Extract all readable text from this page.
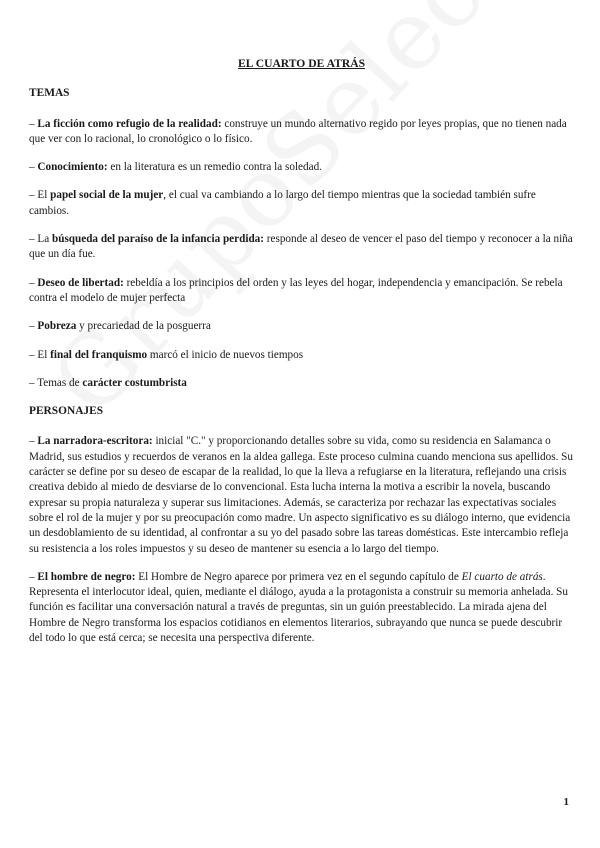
EL CUARTO DE ATRÁS
TEMAS

– La ficción como refugio de la realidad: construye un mundo alternativo regido por leyes propias, que no tienen nada que ver con lo racional, lo cronológico o lo físico.

– Conocimiento: en la literatura es un remedio contra la soledad.

– El papel social de la mujer, el cual va cambiando a lo largo del tiempo mientras que la sociedad también sufre cambios.

– La búsqueda del paraíso de la infancia perdida: responde al deseo de vencer el paso del tiempo y reconocer a la niña que un día fue.

– Deseo de libertad: rebeldía a los principios del orden y las leyes del hogar, independencia y emancipación. Se rebela contra el modelo de mujer perfecta

– Pobreza y precariedad de la posguerra

– El final del franquismo marcó el inicio de nuevos tiempos

– Temas de carácter costumbrista

PERSONAJES

– La narradora-escritora: inicial "C." y proporcionando detalles sobre su vida, como su residencia en Salamanca o Madrid, sus estudios y recuerdos de veranos en la aldea gallega. Este proceso culmina cuando menciona sus apellidos. Su carácter se define por su deseo de escapar de la realidad, lo que la lleva a refugiarse en la literatura, reflejando una crisis creativa debido al miedo de desviarse de lo convencional. Esta lucha interna la motiva a escribir la novela, buscando expresar su propia naturaleza y superar sus limitaciones. Además, se caracteriza por rechazar las expectativas sociales sobre el rol de la mujer y por su preocupación como madre. Un aspecto significativo es su diálogo interno, que evidencia un desdoblamiento de su identidad, al confrontar a su yo del pasado sobre las tareas domésticas. Este intercambio refleja su resistencia a los roles impuestos y su deseo de mantener su esencia a lo largo del tiempo.

– El hombre de negro: El Hombre de Negro aparece por primera vez en el segundo capítulo de El cuarto de atrás. Representa el interlocutor ideal, quien, mediante el diálogo, ayuda a la protagonista a construir su memoria anhelada. Su función es facilitar una conversación natural a través de preguntas, sin un guión preestablecido. La mirada ajena del Hombre de Negro transforma los espacios cotidianos en elementos literarios, subrayando que nunca se puede descubrir del todo lo que está cerca; se necesita una perspectiva diferente.

1
